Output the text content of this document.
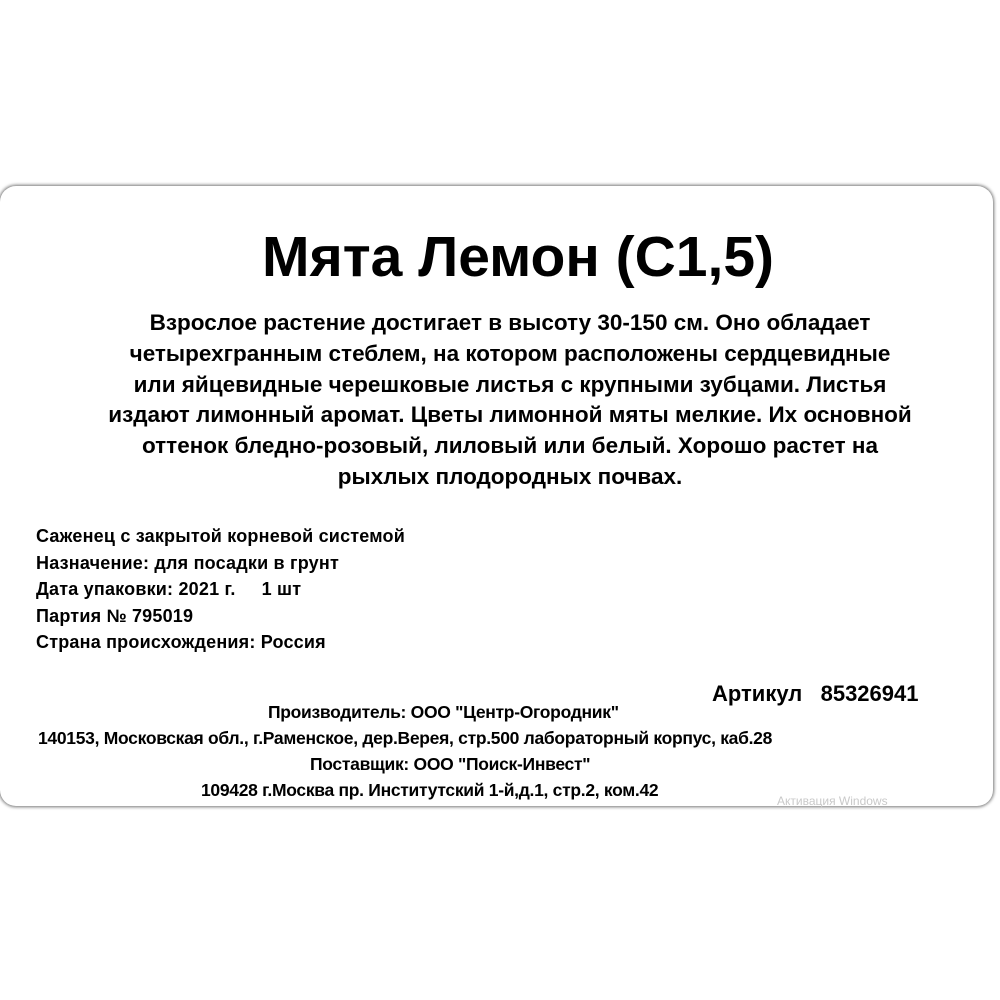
Мята Лемон (С1,5)
Взрослое растение достигает в высоту 30-150 см. Оно обладает
четырехгранным стеблем, на котором расположены сердцевидные
или яйцевидные черешковые листья с крупными зубцами. Листья
издают лимонный аромат. Цветы лимонной мяты мелкие. Их основной
оттенок бледно-розовый, лиловый или белый. Хорошо растет на
рыхлых плодородных почвах.
Саженец с закрытой корневой системой
Назначение: для посадки в грунт
Дата упаковки: 2021 г.     1 шт
Партия № 795019
Страна происхождения: Россия
Артикул   85326941
Производитель: ООО "Центр-Огородник"
140153, Московская обл., г.Раменское, дер.Верея, стр.500 лабораторный корпус, каб.28
Поставщик: ООО "Поиск-Инвест"
109428 г.Москва пр. Институтский 1-й,д.1, стр.2, ком.42
Активация Windows
